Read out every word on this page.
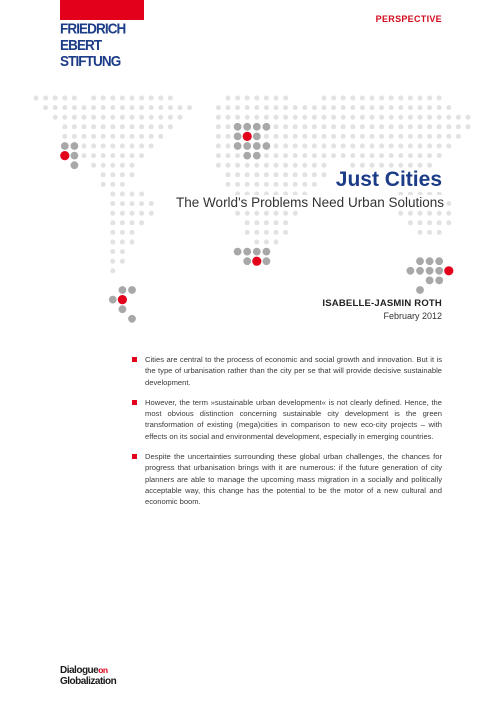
FRIEDRICH
EBERT
STIFTUNG
PERSPECTIVE
Just Cities
The World's Problems Need Urban Solutions
ISABELLE-JASMIN ROTH
February 2012
Cities are central to the process of economic and social growth and innovation. But it is the type of urbanisation rather than the city per se that will provide decisive sustainable development.
However, the term »sustainable urban development« is not clearly defined. Hence, the most obvious distinction concerning sustainable city development is the green transformation of existing (mega)cities in comparison to new eco-city projects – with effects on its social and environmental development, especially in emerging countries.
Despite the uncertainties surrounding these global urban challenges, the chances for progress that urbanisation brings with it are numerous: if the future generation of city planners are able to manage the upcoming mass migration in a socially and politically acceptable way, this change has the potential to be the motor of a new cultural and economic boom.
Dialogueon
Globalization
